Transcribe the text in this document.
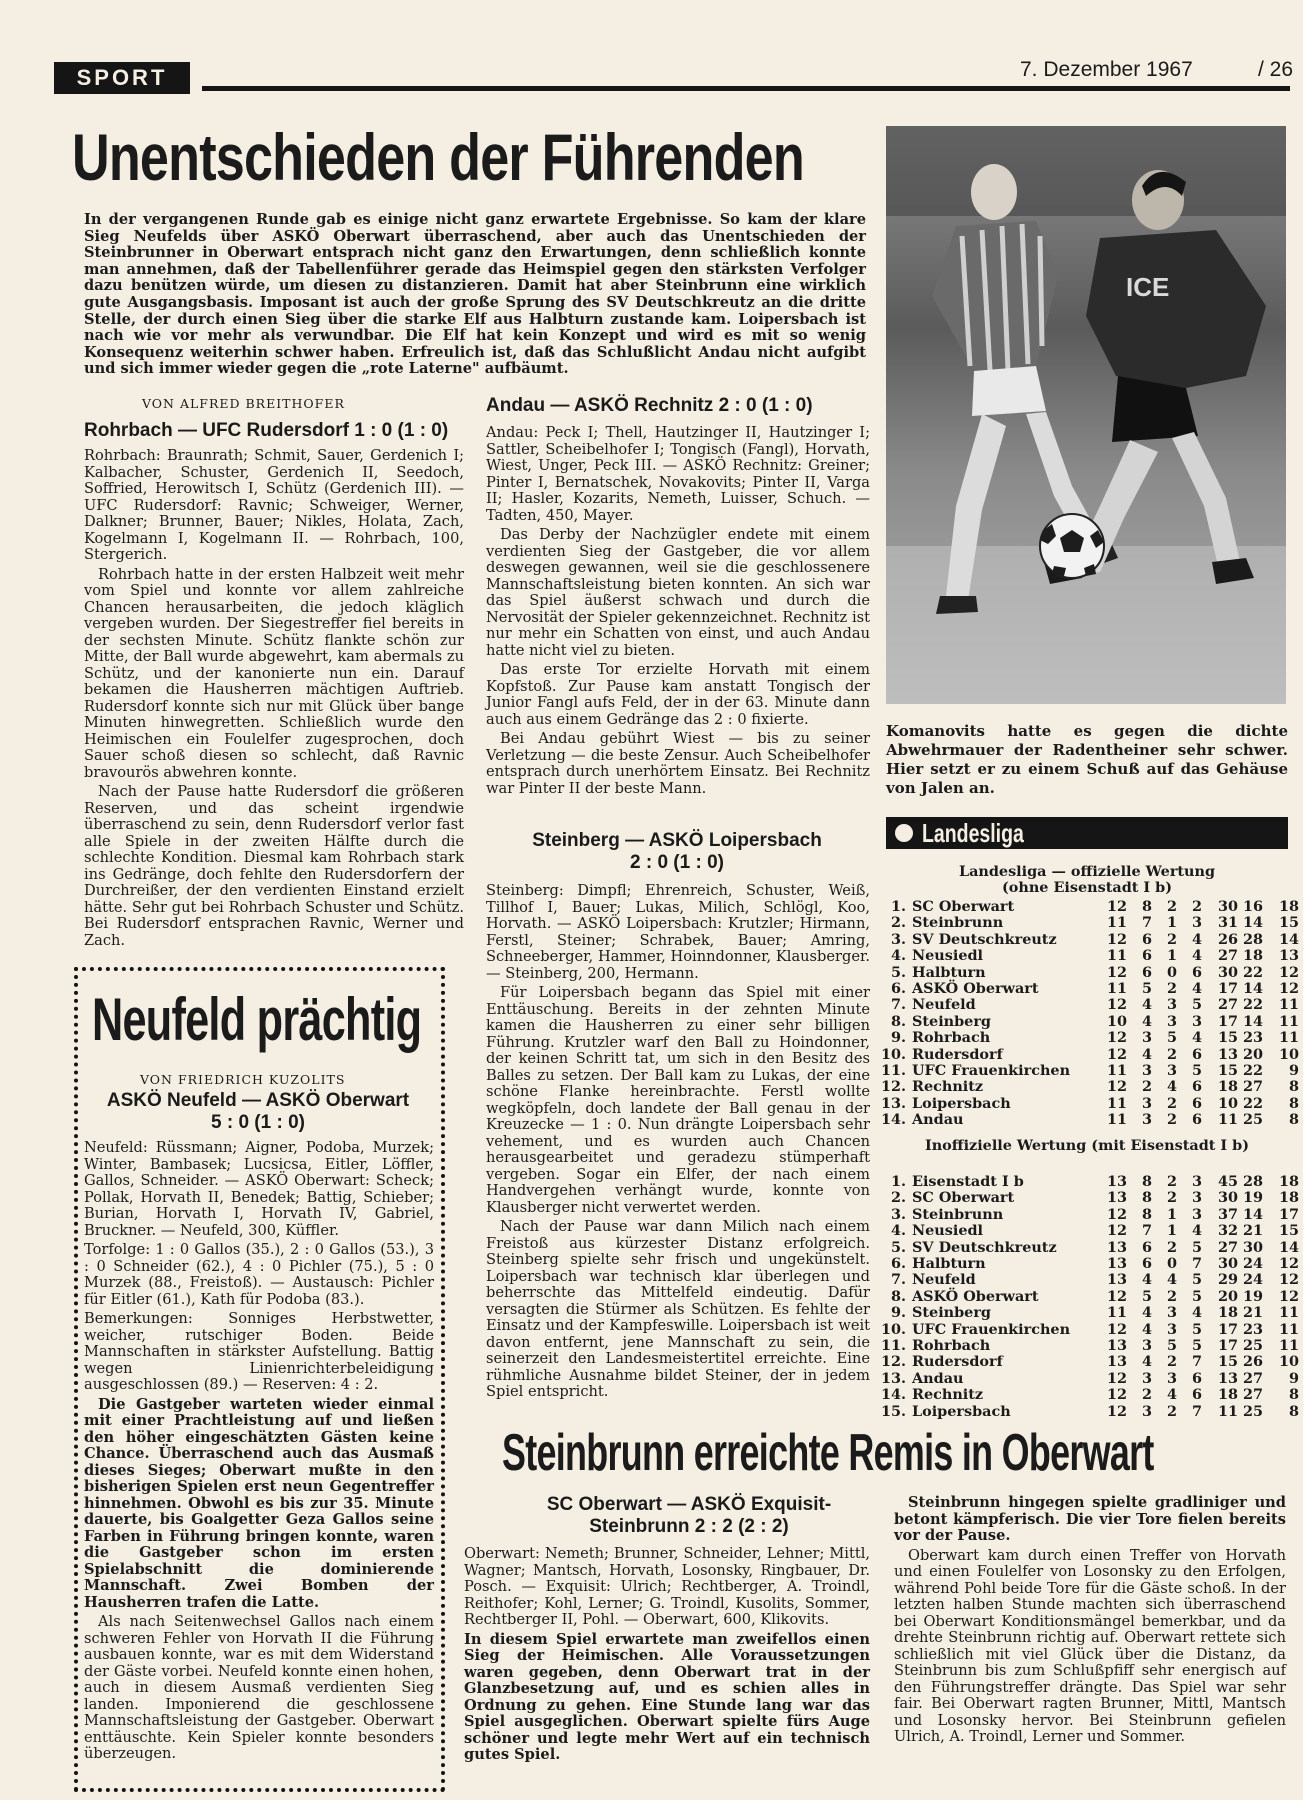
SPORT	7. Dezember 1967	/ 26
Unentschieden der Führenden
In der vergangenen Runde gab es einige nicht ganz erwartete Ergebnisse. So kam der klare Sieg Neufelds über ASKÖ Oberwart überraschend, aber auch das Unentschieden der Steinbrunner in Oberwart entsprach nicht ganz den Erwartungen, denn schließlich konnte man annehmen, daß der Tabellenführer gerade das Heimspiel gegen den stärksten Verfolger dazu benützen würde, um diesen zu distanzieren. Damit hat aber Steinbrunn eine wirklich gute Ausgangsbasis. Imposant ist auch der große Sprung des SV Deutschkreutz an die dritte Stelle, der durch einen Sieg über die starke Elf aus Halbturn zustande kam. Loipersbach ist nach wie vor mehr als verwundbar. Die Elf hat kein Konzept und wird es mit so wenig Konsequenz weiterhin schwer haben. Erfreulich ist, daß das Schlußlicht Andau nicht aufgibt und sich immer wieder gegen die „rote Laterne" aufbäumt.
ICE
Komanovits hatte es gegen die dichte Abwehrmauer der Radentheiner sehr schwer. Hier setzt er zu einem Schuß auf das Gehäuse von Jalen an.
VON ALFRED BREITHOFER
Rohrbach — UFC Rudersdorf 1 : 0 (1 : 0)

Rohrbach: Braunrath; Schmit, Sauer, Gerdenich I; Kalbacher, Schuster, Gerdenich II, Seedoch, Soffried, Herowitsch I, Schütz (Gerdenich III). — UFC Rudersdorf: Ravnic; Schweiger, Werner, Dalkner; Brunner, Bauer; Nikles, Holata, Zach, Kogelmann I, Kogelmann II. — Rohrbach, 100, Stergerich.

Rohrbach hatte in der ersten Halbzeit weit mehr vom Spiel und konnte vor allem zahlreiche Chancen herausarbeiten, die jedoch kläglich vergeben wurden. Der Siegestreffer fiel bereits in der sechsten Minute. Schütz flankte schön zur Mitte, der Ball wurde abgewehrt, kam abermals zu Schütz, und der kanonierte nun ein. Darauf bekamen die Hausherren mächtigen Auftrieb. Rudersdorf konnte sich nur mit Glück über bange Minuten hinwegretten. Schließlich wurde den Heimischen ein Foulelfer zugesprochen, doch Sauer schoß diesen so schlecht, daß Ravnic bravourös abwehren konnte.

Nach der Pause hatte Rudersdorf die größeren Reserven, und das scheint irgendwie überraschend zu sein, denn Rudersdorf verlor fast alle Spiele in der zweiten Hälfte durch die schlechte Kondition. Diesmal kam Rohrbach stark ins Gedränge, doch fehlte den Rudersdorfern der Durchreißer, der den verdienten Einstand erzielt hätte. Sehr gut bei Rohrbach Schuster und Schütz. Bei Rudersdorf entsprachen Ravnic, Werner und Zach.

Andau — ASKÖ Rechnitz 2 : 0 (1 : 0)

Andau: Peck I; Thell, Hautzinger II, Hautzinger I; Sattler, Scheibelhofer I; Tongisch (Fangl), Horvath, Wiest, Unger, Peck III. — ASKÖ Rechnitz: Greiner; Pinter I, Bernatschek, Novakovits; Pinter II, Varga II; Hasler, Kozarits, Nemeth, Luisser, Schuch. — Tadten, 450, Mayer.

Das Derby der Nachzügler endete mit einem verdienten Sieg der Gastgeber, die vor allem deswegen gewannen, weil sie die geschlossenere Mannschaftsleistung bieten konnten. An sich war das Spiel äußerst schwach und durch die Nervosität der Spieler gekennzeichnet. Rechnitz ist nur mehr ein Schatten von einst, und auch Andau hatte nicht viel zu bieten.

Das erste Tor erzielte Horvath mit einem Kopfstoß. Zur Pause kam anstatt Tongisch der Junior Fangl aufs Feld, der in der 63. Minute dann auch aus einem Gedränge das 2 : 0 fixierte.

Bei Andau gebührt Wiest — bis zu seiner Verletzung — die beste Zensur. Auch Scheibelhofer entsprach durch unerhörtem Einsatz. Bei Rechnitz war Pinter II der beste Mann.

Steinberg — ASKÖ Loipersbach
2 : 0 (1 : 0)

Steinberg: Dimpfl; Ehrenreich, Schuster, Weiß, Tillhof I, Bauer; Lukas, Milich, Schlögl, Koo, Horvath. — ASKÖ Loipersbach: Krutzler; Hirmann, Ferstl, Steiner; Schrabek, Bauer; Amring, Schneeberger, Hammer, Hoinndonner, Klausberger. — Steinberg, 200, Hermann.

Für Loipersbach begann das Spiel mit einer Enttäuschung. Bereits in der zehnten Minute kamen die Hausherren zu einer sehr billigen Führung. Krutzler warf den Ball zu Hoindonner, der keinen Schritt tat, um sich in den Besitz des Balles zu setzen. Der Ball kam zu Lukas, der eine schöne Flanke hereinbrachte. Ferstl wollte wegköpfeln, doch landete der Ball genau in der Kreuzecke — 1 : 0. Nun drängte Loipersbach sehr vehement, und es wurden auch Chancen herausgearbeitet und geradezu stümperhaft vergeben. Sogar ein Elfer, der nach einem Handvergehen verhängt wurde, konnte von Klausberger nicht verwertet werden.

Nach der Pause war dann Milich nach einem Freistoß aus kürzester Distanz erfolgreich. Steinberg spielte sehr frisch und ungekünstelt. Loipersbach war technisch klar überlegen und beherrschte das Mittelfeld eindeutig. Dafür versagten die Stürmer als Schützen. Es fehlte der Einsatz und der Kampfeswille. Loipersbach ist weit davon entfernt, jene Mannschaft zu sein, die seinerzeit den Landesmeistertitel erreichte. Eine rühmliche Ausnahme bildet Steiner, der in jedem Spiel entspricht.

Neufeld prächtig
VON FRIEDRICH KUZOLITS
ASKÖ Neufeld — ASKÖ Oberwart
5 : 0 (1 : 0)

Neufeld: Rüssmann; Aigner, Podoba, Murzek; Winter, Bambasek; Lucsicsa, Eitler, Löffler, Gallos, Schneider. — ASKÖ Oberwart: Scheck; Pollak, Horvath II, Benedek; Battig, Schieber; Burian, Horvath I, Horvath IV, Gabriel, Bruckner. — Neufeld, 300, Küffler.

Torfolge: 1 : 0 Gallos (35.), 2 : 0 Gallos (53.), 3 : 0 Schneider (62.), 4 : 0 Pichler (75.), 5 : 0 Murzek (88., Freistoß). — Austausch: Pichler für Eitler (61.), Kath für Podoba (83.).

Bemerkungen: Sonniges Herbstwetter, weicher, rutschiger Boden. Beide Mannschaften in stärkster Aufstellung. Battig wegen Linienrichterbeleidigung ausgeschlossen (89.) — Reserven: 4 : 2.

Die Gastgeber warteten wieder einmal mit einer Prachtleistung auf und ließen den höher eingeschätzten Gästen keine Chance. Überraschend auch das Ausmaß dieses Sieges; Oberwart mußte in den bisherigen Spielen erst neun Gegentreffer hinnehmen. Obwohl es bis zur 35. Minute dauerte, bis Goalgetter Geza Gallos seine Farben in Führung bringen konnte, waren die Gastgeber schon im ersten Spielabschnitt die dominierende Mannschaft. Zwei Bomben der Hausherren trafen die Latte.

Als nach Seitenwechsel Gallos nach einem schweren Fehler von Horvath II die Führung ausbauen konnte, war es mit dem Widerstand der Gäste vorbei. Neufeld konnte einen hohen, auch in diesem Ausmaß verdienten Sieg landen. Imponierend die geschlossene Mannschaftsleistung der Gastgeber. Oberwart enttäuschte. Kein Spieler konnte besonders überzeugen.

Landesliga
Landesliga — offizielle Wertung
(ohne Eisenstadt I b)
1.	SC Oberwart	12	8	2	2	30	16	18
2.	Steinbrunn	11	7	1	3	31	14	15
3.	SV Deutschkreutz	12	6	2	4	26	28	14
4.	Neusiedl	11	6	1	4	27	18	13
5.	Halbturn	12	6	0	6	30	22	12
6.	ASKÖ Oberwart	11	5	2	4	17	14	12
7.	Neufeld	12	4	3	5	27	22	11
8.	Steinberg	10	4	3	3	17	14	11
9.	Rohrbach	12	3	5	4	15	23	11
10.	Rudersdorf	12	4	2	6	13	20	10
11.	UFC Frauenkirchen	11	3	3	5	15	22	9
12.	Rechnitz	12	2	4	6	18	27	8
13.	Loipersbach	11	3	2	6	10	22	8
14.	Andau	11	3	2	6	11	25	8
Inoffizielle Wertung (mit Eisenstadt I b)
1.	Eisenstadt I b	13	8	2	3	45	28	18
2.	SC Oberwart	13	8	2	3	30	19	18
3.	Steinbrunn	12	8	1	3	37	14	17
4.	Neusiedl	12	7	1	4	32	21	15
5.	SV Deutschkreutz	13	6	2	5	27	30	14
6.	Halbturn	13	6	0	7	30	24	12
7.	Neufeld	13	4	4	5	29	24	12
8.	ASKÖ Oberwart	12	5	2	5	20	19	12
9.	Steinberg	11	4	3	4	18	21	11
10.	UFC Frauenkirchen	12	4	3	5	17	23	11
11.	Rohrbach	13	3	5	5	17	25	11
12.	Rudersdorf	13	4	2	7	15	26	10
13.	Andau	12	3	3	6	13	27	9
14.	Rechnitz	12	2	4	6	18	27	8
15.	Loipersbach	12	3	2	7	11	25	8
Steinbrunn erreichte Remis in Oberwart
SC Oberwart — ASKÖ Exquisit-
Steinbrunn 2 : 2 (2 : 2)

Oberwart: Nemeth; Brunner, Schneider, Lehner; Mittl, Wagner; Mantsch, Horvath, Losonsky, Ringbauer, Dr. Posch. — Exquisit: Ulrich; Rechtberger, A. Troindl, Reithofer; Kohl, Lerner; G. Troindl, Kusolits, Sommer, Rechtberger II, Pohl. — Oberwart, 600, Klikovits.

In diesem Spiel erwartete man zweifellos einen Sieg der Heimischen. Alle Voraussetzungen waren gegeben, denn Oberwart trat in der Glanzbesetzung auf, und es schien alles in Ordnung zu gehen. Eine Stunde lang war das Spiel ausgeglichen. Oberwart spielte fürs Auge schöner und legte mehr Wert auf ein technisch gutes Spiel.

Steinbrunn hingegen spielte gradliniger und betont kämpferisch. Die vier Tore fielen bereits vor der Pause.

Oberwart kam durch einen Treffer von Horvath und einen Foulelfer von Losonsky zu den Erfolgen, während Pohl beide Tore für die Gäste schoß. In der letzten halben Stunde machten sich überraschend bei Oberwart Konditionsmängel bemerkbar, und da drehte Steinbrunn richtig auf. Oberwart rettete sich schließlich mit viel Glück über die Distanz, da Steinbrunn bis zum Schlußpfiff sehr energisch auf den Führungstreffer drängte. Das Spiel war sehr fair. Bei Oberwart ragten Brunner, Mittl, Mantsch und Losonsky hervor. Bei Steinbrunn gefielen Ulrich, A. Troindl, Lerner und Sommer.
